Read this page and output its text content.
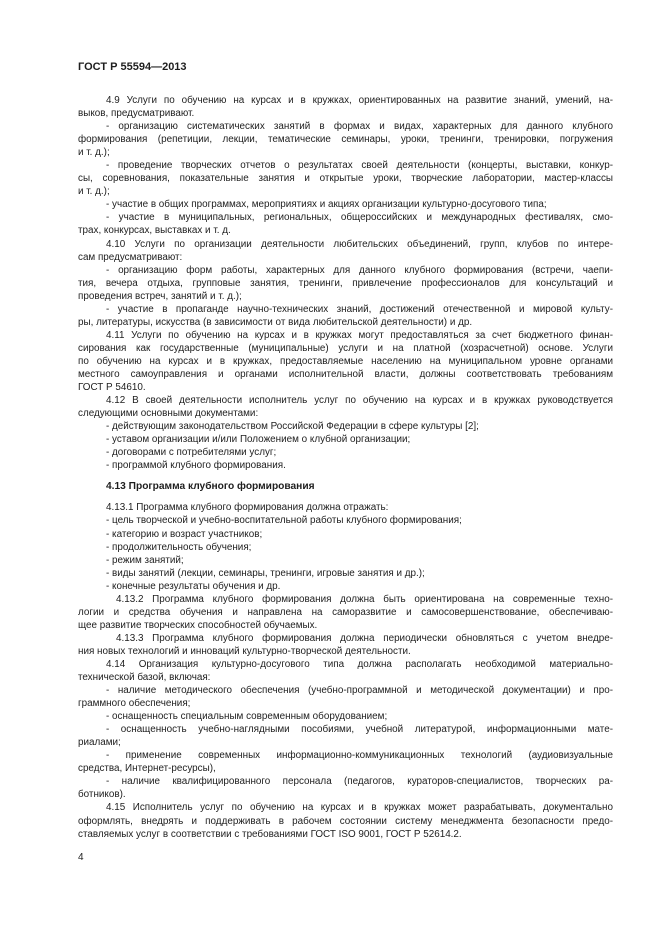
ГОСТ Р 55594—2013
4.9 Услуги по обучению на курсах и в кружках, ориентированных на развитие знаний, умений, на-
выков, предусматривают.
- организацию систематических занятий в формах и видах, характерных для данного клубного
формирования (репетиции, лекции, тематические семинары, уроки, тренинги, тренировки, погружения
и т. д.);
- проведение творческих отчетов о результатах своей деятельности (концерты, выставки, конкур-
сы, соревнования, показательные занятия и открытые уроки, творческие лаборатории, мастер-классы
и т. д.);
- участие в общих программах, мероприятиях и акциях организации культурно-досугового типа;
- участие в муниципальных, региональных, общероссийских и международных фестивалях, смо-
трах, конкурсах, выставках и т. д.
4.10 Услуги по организации деятельности любительских объединений, групп, клубов по интере-
сам предусматривают:
- организацию форм работы, характерных для данного клубного формирования (встречи, чаепи-
тия, вечера отдыха, групповые занятия, тренинги, привлечение профессионалов для консультаций и
проведения встреч, занятий и т. д.);
- участие в пропаганде научно-технических знаний, достижений отечественной и мировой культу-
ры, литературы, искусства (в зависимости от вида любительской деятельности) и др.
4.11 Услуги по обучению на курсах и в кружках могут предоставляться за счет бюджетного финан-
сирования как государственные (муниципальные) услуги и на платной (хозрасчетной) основе. Услуги
по обучению на курсах и в кружках, предоставляемые населению на муниципальном уровне органами
местного самоуправления и органами исполнительной власти, должны соответствовать требованиям
ГОСТ Р 54610.
4.12 В своей деятельности исполнитель услуг по обучению на курсах и в кружках руководствуется
следующими основными документами:
- действующим законодательством Российской Федерации в сфере культуры [2];
- уставом организации и/или Положением о клубной организации;
- договорами с потребителями услуг;
- программой клубного формирования.
4.13 Программа клубного формирования
4.13.1 Программа клубного формирования должна отражать:
- цель творческой и учебно-воспитательной работы клубного формирования;
- категорию и возраст участников;
- продолжительность обучения;
- режим занятий;
- виды занятий (лекции, семинары, тренинги, игровые занятия и др.);
- конечные результаты обучения и др.
4.13.2 Программа клубного формирования должна быть ориентирована на современные техно-
логии и средства обучения и направлена на саморазвитие и самосовершенствование, обеспечиваю-
щее развитие творческих способностей обучаемых.
4.13.3 Программа клубного формирования должна периодически обновляться с учетом внедре-
ния новых технологий и инноваций культурно-творческой деятельности.
4.14 Организация культурно-досугового типа должна располагать необходимой материально-
технической базой, включая:
- наличие методического обеспечения (учебно-программной и методической документации) и про-
граммного обеспечения;
- оснащенность специальным современным оборудованием;
- оснащенность учебно-наглядными пособиями, учебной литературой, информационными мате-
риалами;
- применение современных информационно-коммуникационных технологий (аудиовизуальные
средства, Интернет-ресурсы),
- наличие квалифицированного персонала (педагогов, кураторов-специалистов, творческих ра-
ботников).
4.15 Исполнитель услуг по обучению на курсах и в кружках может разрабатывать, документально
оформлять, внедрять и поддерживать в рабочем состоянии систему менеджмента безопасности предо-
ставляемых услуг в соответствии с требованиями ГОСТ ISO 9001, ГОСТ Р 52614.2.
4
